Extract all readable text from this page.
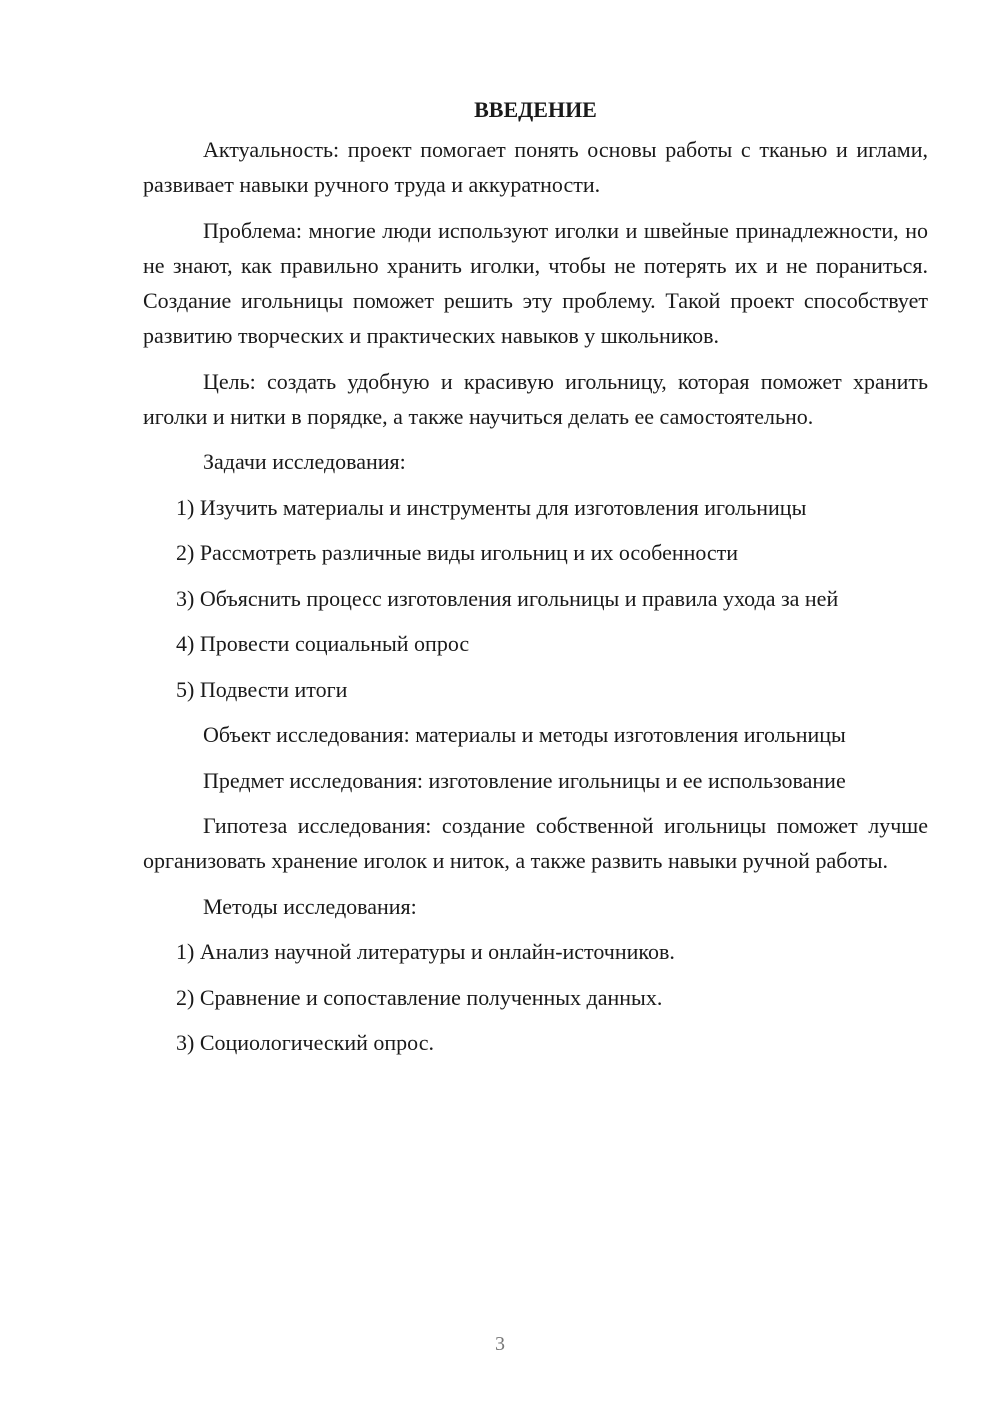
ВВЕДЕНИЕ

Актуальность: проект помогает понять основы работы с тканью и иглами, развивает навыки ручного труда и аккуратности.

Проблема: многие люди используют иголки и швейные принадлежности, но не знают, как правильно хранить иголки, чтобы не потерять их и не пораниться. Создание игольницы поможет решить эту проблему. Такой проект способствует развитию творческих и практических навыков у школьников.

Цель: создать удобную и красивую игольницу, которая поможет хранить иголки и нитки в порядке, а также научиться делать ее самостоятельно.

Задачи исследования:
1) Изучить материалы и инструменты для изготовления игольницы
2) Рассмотреть различные виды игольниц и их особенности
3) Объяснить процесс изготовления игольницы и правила ухода за ней
4) Провести социальный опрос
5) Подвести итоги

Объект исследования: материалы и методы изготовления игольницы

Предмет исследования: изготовление игольницы и ее использование

Гипотеза исследования: создание собственной игольницы поможет лучше организовать хранение иголок и ниток, а также развить навыки ручной работы.

Методы исследования:
1) Анализ научной литературы и онлайн-источников.
2) Сравнение и сопоставление полученных данных.
3) Социологический опрос.
3
